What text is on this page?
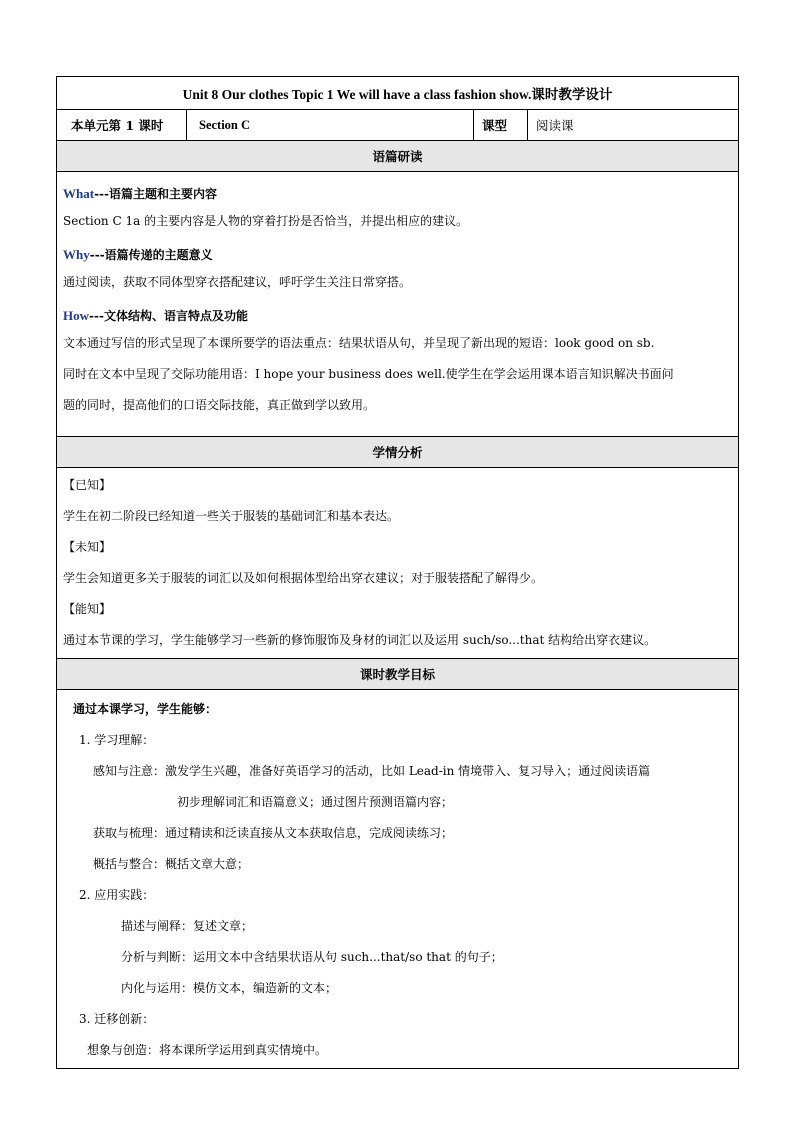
Unit 8 Our clothes Topic 1 We will have a class fashion show.课时教学设计
本单元第 1 课时	Section C	课型	阅读课
语篇研读

What---语篇主题和主要内容

Section C 1a 的主要内容是人物的穿着打扮是否恰当，并提出相应的建议。

Why---语篇传递的主题意义

通过阅读，获取不同体型穿衣搭配建议，呼吁学生关注日常穿搭。

How---文体结构、语言特点及功能

文本通过写信的形式呈现了本课所要学的语法重点：结果状语从句，并呈现了新出现的短语：look good on sb.

同时在文本中呈现了交际功能用语：I hope your business does well.使学生在学会运用课本语言知识解决书面问

题的同时，提高他们的口语交际技能，真正做到学以致用。

学情分析

【已知】

学生在初二阶段已经知道一些关于服装的基础词汇和基本表达。

【未知】

学生会知道更多关于服装的词汇以及如何根据体型给出穿衣建议；对于服装搭配了解得少。

【能知】

通过本节课的学习，学生能够学习一些新的修饰服饰及身材的词汇以及运用 such/so...that 结构给出穿衣建议。

课时教学目标

通过本课学习，学生能够：

1. 学习理解：

感知与注意：激发学生兴趣，准备好英语学习的活动，比如 Lead-in 情境带入、复习导入；通过阅读语篇

初步理解词汇和语篇意义；通过图片预测语篇内容；

获取与梳理：通过精读和泛读直接从文本获取信息，完成阅读练习；

概括与整合：概括文章大意；

2. 应用实践：

描述与阐释：复述文章；

分析与判断：运用文本中含结果状语从句 such...that/so that 的句子；

内化与运用：模仿文本，编造新的文本；

3. 迁移创新：

想象与创造：将本课所学运用到真实情境中。
